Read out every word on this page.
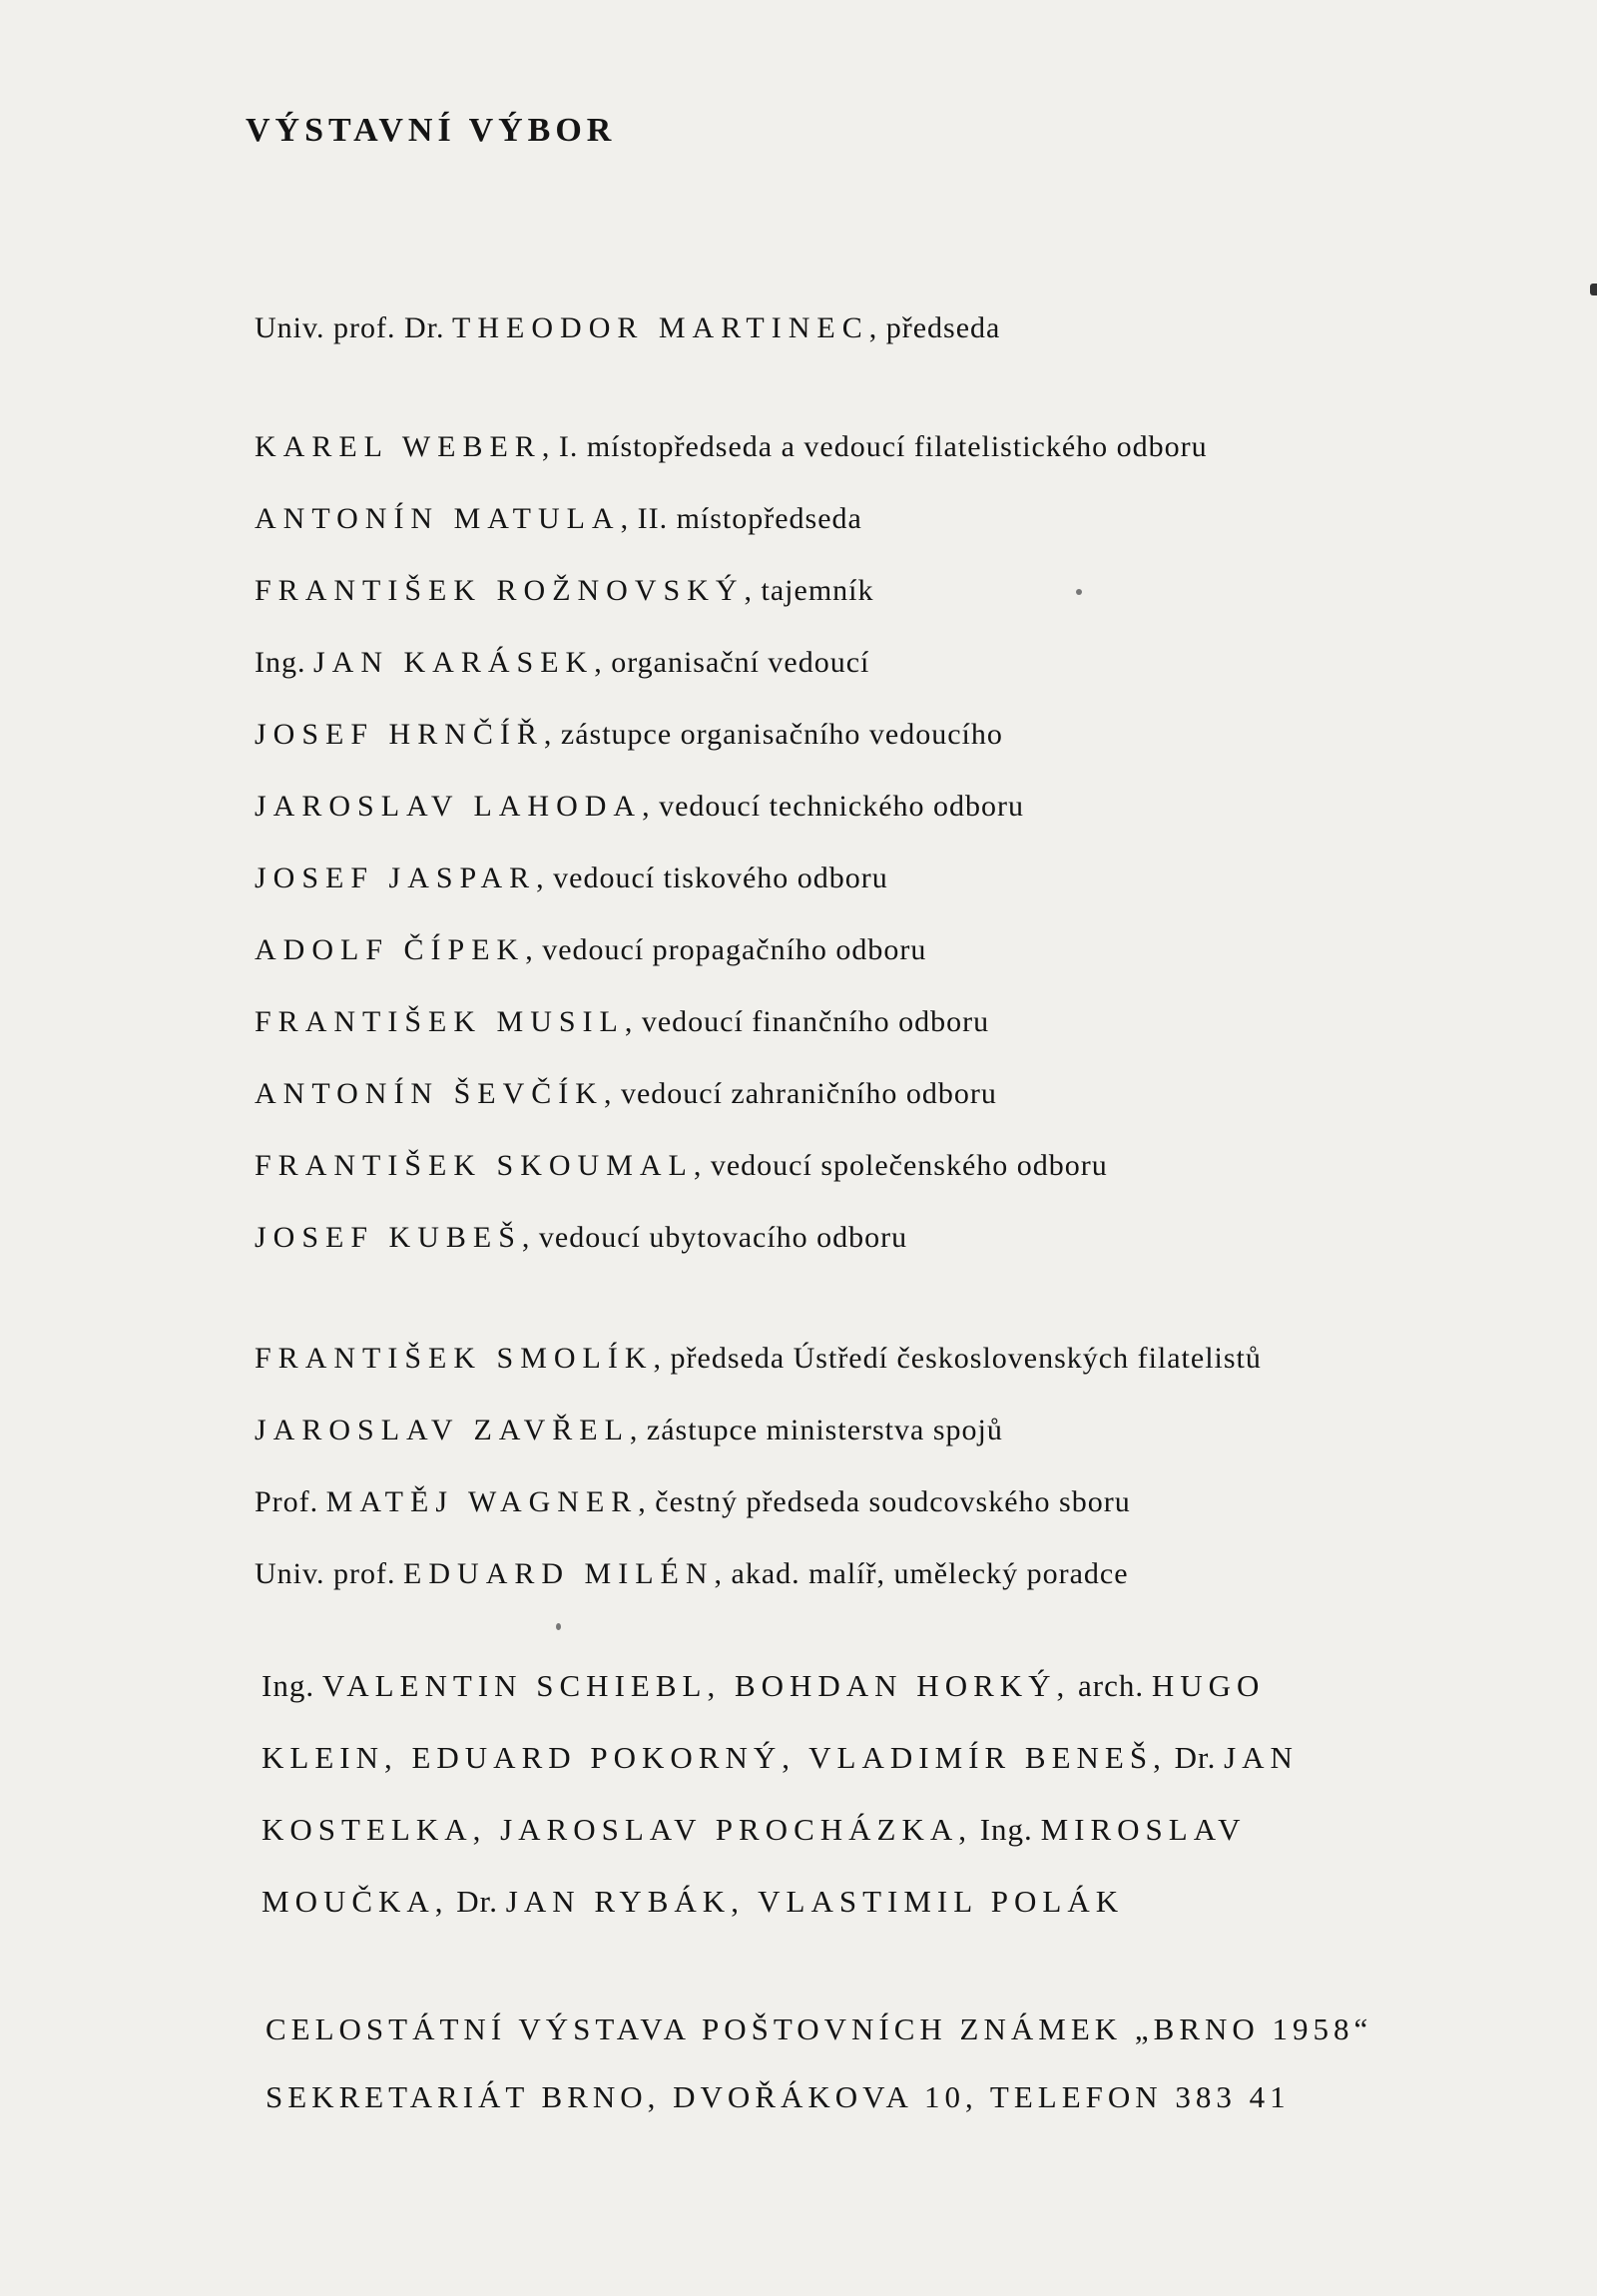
VÝSTAVNÍ VÝBOR
Univ. prof. Dr. THEODOR MARTINEC, předseda
KAREL WEBER, I. místopředseda a vedoucí filatelistického odboru
ANTONÍN MATULA, II. místopředseda
FRANTIŠEK ROŽNOVSKÝ, tajemník
Ing. JAN KARÁSEK, organisační vedoucí
JOSEF HRNČÍŘ, zástupce organisačního vedoucího
JAROSLAV LAHODA, vedoucí technického odboru
JOSEF JASPAR, vedoucí tiskového odboru
ADOLF ČÍPEK, vedoucí propagačního odboru
FRANTIŠEK MUSIL, vedoucí finančního odboru
ANTONÍN ŠEVČÍK, vedoucí zahraničního odboru
FRANTIŠEK SKOUMAL, vedoucí společenského odboru
JOSEF KUBEŠ, vedoucí ubytovacího odboru
FRANTIŠEK SMOLÍK, předseda Ústředí československých filatelistů
JAROSLAV ZAVŘEL, zástupce ministerstva spojů
Prof. MATĚJ WAGNER, čestný předseda soudcovského sboru
Univ. prof. EDUARD MILÉN, akad. malíř, umělecký poradce
Ing. VALENTIN SCHIEBL, BOHDAN HORKÝ, arch. HUGO
KLEIN, EDUARD POKORNÝ, VLADIMÍR BENEŠ, Dr. JAN
KOSTELKA, JAROSLAV PROCHÁZKA, Ing. MIROSLAV
MOUČKA, Dr. JAN RYBÁK, VLASTIMIL POLÁK
CELOSTÁTNÍ VÝSTAVA POŠTOVNÍCH ZNÁMEK „BRNO 1958“
SEKRETARIÁT BRNO, DVOŘÁKOVA 10, TELEFON 383 41
